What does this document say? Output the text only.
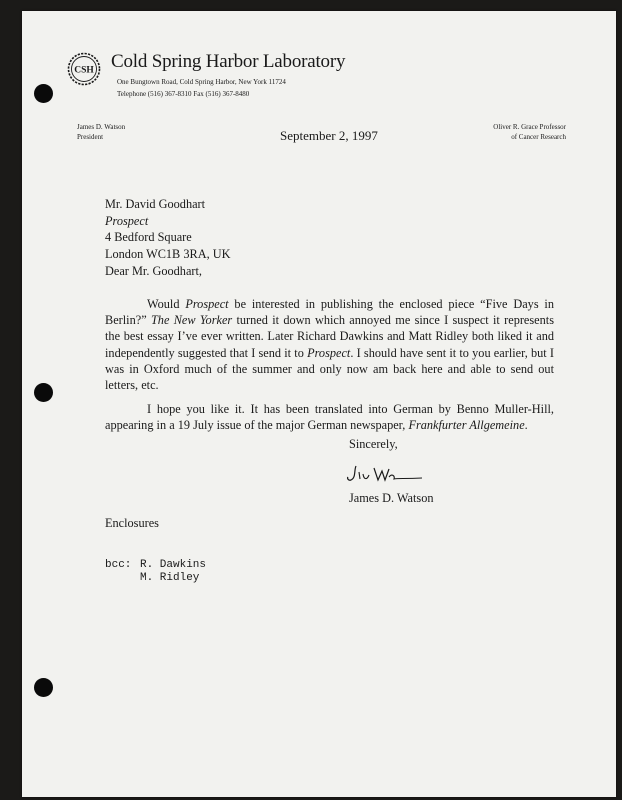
CSH Cold Spring Harbor Laboratory
One Bungtown Road, Cold Spring Harbor, New York 11724
Telephone (516) 367-8310 Fax (516) 367-8480
James D. Watson
President	September 2, 1997
Oliver R. Grace Professor
of Cancer Research
Mr. David Goodhart
Prospect
4 Bedford Square
London WC1B 3RA, UK
Dear Mr. Goodhart,
Would Prospect be interested in publishing the enclosed piece “Five Days in Berlin?” The New Yorker turned it down which annoyed me since I suspect it represents the best essay I’ve ever written. Later Richard Dawkins and Matt Ridley both liked it and independently suggested that I send it to Prospect. I should have sent it to you earlier, but I was in Oxford much of the summer and only now am back here and able to send out letters, etc.
I hope you like it. It has been translated into German by Benno Muller-Hill, appearing in a 19 July issue of the major German newspaper, Frankfurter Allgemeine.
Sincerely,
James D. Watson
Enclosures
bcc: R. Dawkins
M. Ridley
